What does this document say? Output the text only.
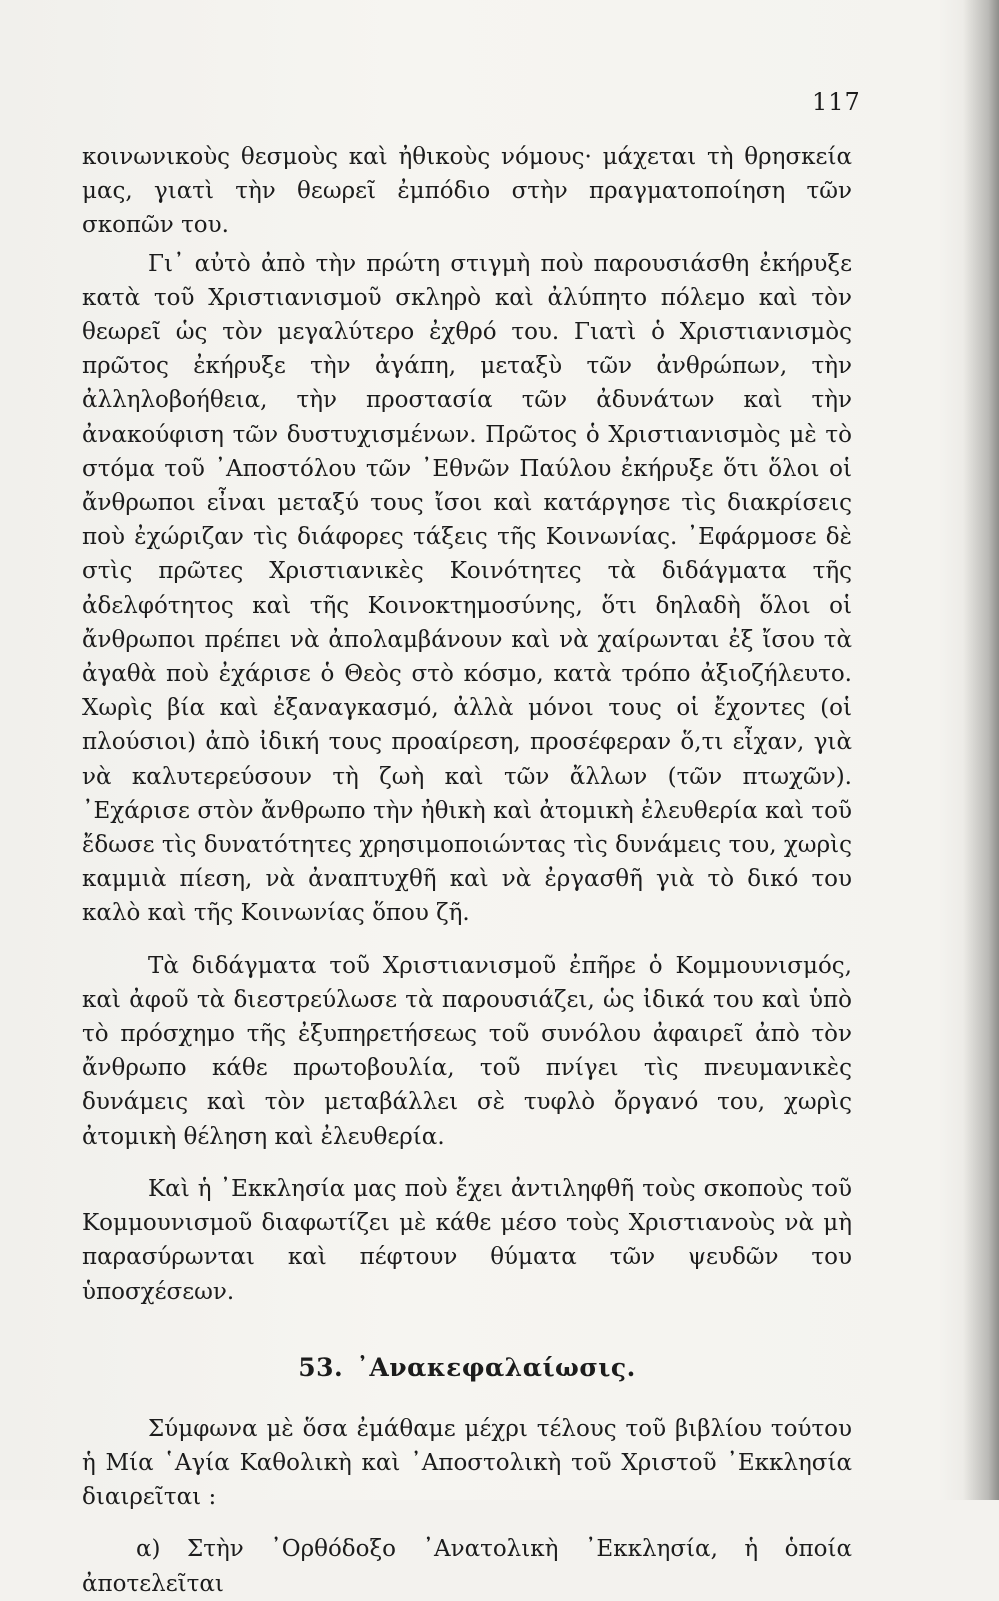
117

κοινωνικοὺς θεσμοὺς καὶ ἠθικοὺς νόμους· μάχεται τὴ θρησκεία μας, γιατὶ τὴν θεωρεῖ ἐμπόδιο στὴν πραγματοποίηση τῶν σκοπῶν του.

Γι᾿ αὐτὸ ἀπὸ τὴν πρώτη στιγμὴ ποὺ παρουσιάσθη ἐκήρυξε κατὰ τοῦ Χριστιανισμοῦ σκληρὸ καὶ ἀλύπητο πόλεμο καὶ τὸν θεωρεῖ ὡς τὸν μεγαλύτερο ἐχθρό του. Γιατὶ ὁ Χριστιανισμὸς πρῶτος ἐκήρυξε τὴν ἀγάπη, μεταξὺ τῶν ἀνθρώπων, τὴν ἀλληλοβοήθεια, τὴν προστασία τῶν ἀδυνάτων καὶ τὴν ἀνακούφιση τῶν δυστυχισμένων. Πρῶτος ὁ Χριστιανισμὸς μὲ τὸ στόμα τοῦ ᾿Αποστόλου τῶν ᾿Εθνῶν Παύλου ἐκήρυξε ὅτι ὅλοι οἱ ἄνθρωποι εἶναι μεταξύ τους ἴσοι καὶ κατάργησε τὶς διακρίσεις ποὺ ἐχώριζαν τὶς διάφορες τάξεις τῆς Κοινωνίας. ᾿Εφάρμοσε δὲ στὶς πρῶτες Χριστιανικὲς Κοινότητες τὰ διδάγματα τῆς ἀδελφότητος καὶ τῆς Κοινοκτημοσύνης, ὅτι δηλαδὴ ὅλοι οἱ ἄνθρωποι πρέπει νὰ ἀπολαμβάνουν καὶ νὰ χαίρωνται ἐξ ἴσου τὰ ἀγαθὰ ποὺ ἐχάρισε ὁ Θεὸς στὸ κόσμο, κατὰ τρόπο ἀξιοζήλευτο. Χωρὶς βία καὶ ἐξαναγκασμό, ἀλλὰ μόνοι τους οἱ ἔχοντες (οἱ πλούσιοι) ἀπὸ ἰδική τους προαίρεση, προσέφεραν ὅ,τι εἶχαν, γιὰ νὰ καλυτερεύσουν τὴ ζωὴ καὶ τῶν ἄλλων (τῶν πτωχῶν). ᾿Εχάρισε στὸν ἄνθρωπο τὴν ἠθικὴ καὶ ἀτομικὴ ἐλευθερία καὶ τοῦ ἔδωσε τὶς δυνατότητες χρησιμοποιώντας τὶς δυνάμεις του, χωρὶς καμμιὰ πίεση, νὰ ἀναπτυχθῆ καὶ νὰ ἐργασθῆ γιὰ τὸ δικό του καλὸ καὶ τῆς Κοινωνίας ὅπου ζῆ.

Τὰ διδάγματα τοῦ Χριστιανισμοῦ ἐπῆρε ὁ Κομμουνισμός, καὶ ἀφοῦ τὰ διεστρεύλωσε τὰ παρουσιάζει, ὡς ἰδικά του καὶ ὑπὸ τὸ πρόσχημο τῆς ἐξυπηρετήσεως τοῦ συνόλου ἀφαιρεῖ ἀπὸ τὸν ἄνθρωπο κάθε πρωτοβουλία, τοῦ πνίγει τὶς πνευμανικὲς δυνάμεις καὶ τὸν μεταβάλλει σὲ τυφλὸ ὄργανό του, χωρὶς ἀτομικὴ θέληση καὶ ἐλευθερία.

Καὶ ἡ ᾿Εκκλησία μας ποὺ ἔχει ἀντιληφθῆ τοὺς σκοποὺς τοῦ Κομμουνισμοῦ διαφωτίζει μὲ κάθε μέσο τοὺς Χριστιανοὺς νὰ μὴ παρασύρωνται καὶ πέφτουν θύματα τῶν ψευδῶν του ὑποσχέσεων.

53. ᾿Ανακεφαλαίωσις.

Σύμφωνα μὲ ὅσα ἐμάθαμε μέχρι τέλους τοῦ βιβλίου τούτου ἡ Μία ῾Αγία Καθολικὴ καὶ ᾿Αποστολικὴ τοῦ Χριστοῦ ᾿Εκκλησία διαιρεῖται :

α) Στὴν ᾿Ορθόδοξο ᾿Ανατολικὴ ᾿Εκκλησία, ἡ ὁποία ἀποτελεῖται
